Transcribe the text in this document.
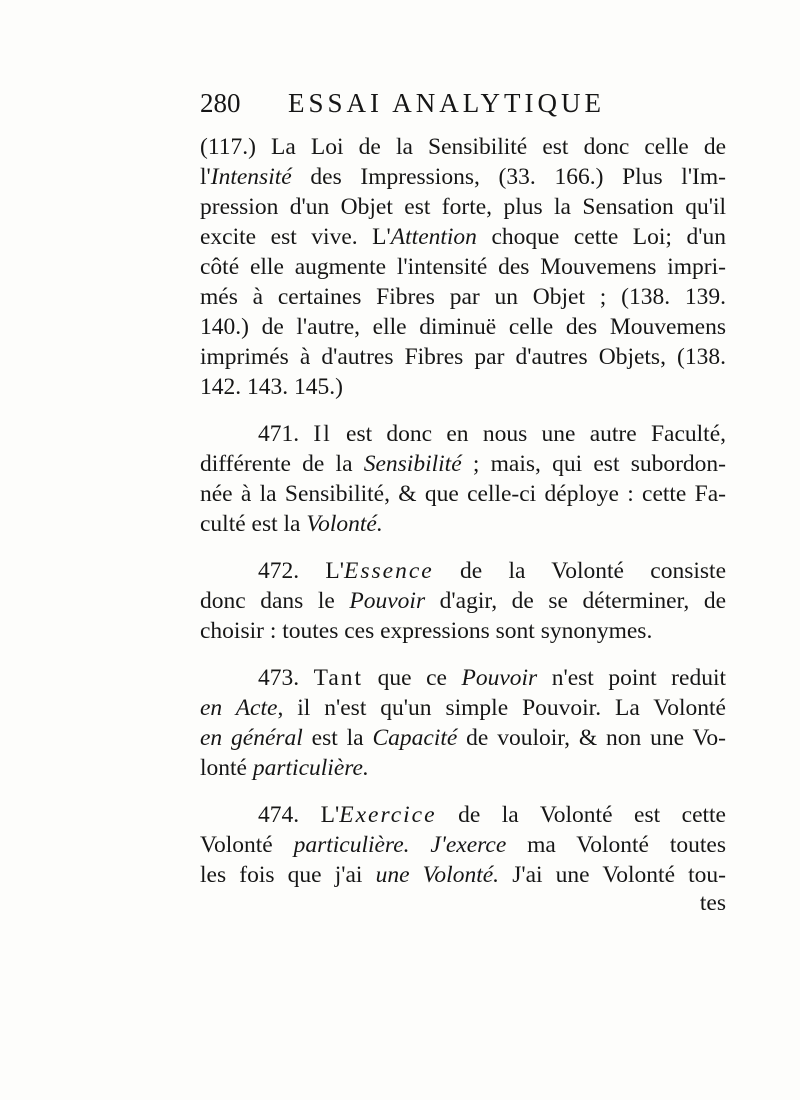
280 ESSAI ANALYTIQUE
(117.) La Loi de la Sensibilité est donc celle de
l'Intensité des Impressions, (33. 166.) Plus l'Im-
pression d'un Objet est forte, plus la Sensation qu'il
excite est vive. L'Attention choque cette Loi; d'un
côté elle augmente l'intensité des Mouvemens impri-
més à certaines Fibres par un Objet ; (138. 139.
140.) de l'autre, elle diminuë celle des Mouvemens
imprimés à d'autres Fibres par d'autres Objets, (138.
142. 143. 145.)
471. Il est donc en nous une autre Faculté,
différente de la Sensibilité ; mais, qui est subordon-
née à la Sensibilité, & que celle-ci déploye : cette Fa-
culté est la Volonté.
472. L'Essence de la Volonté consiste
donc dans le Pouvoir d'agir, de se déterminer, de
choisir : toutes ces expressions sont synonymes.
473. Tant que ce Pouvoir n'est point reduit
en Acte, il n'est qu'un simple Pouvoir. La Volonté
en général est la Capacité de vouloir, & non une Vo-
lonté particulière.
474. L'Exercice de la Volonté est cette
Volonté particulière. J'exerce ma Volonté toutes
les fois que j'ai une Volonté. J'ai une Volonté tou-
tes
